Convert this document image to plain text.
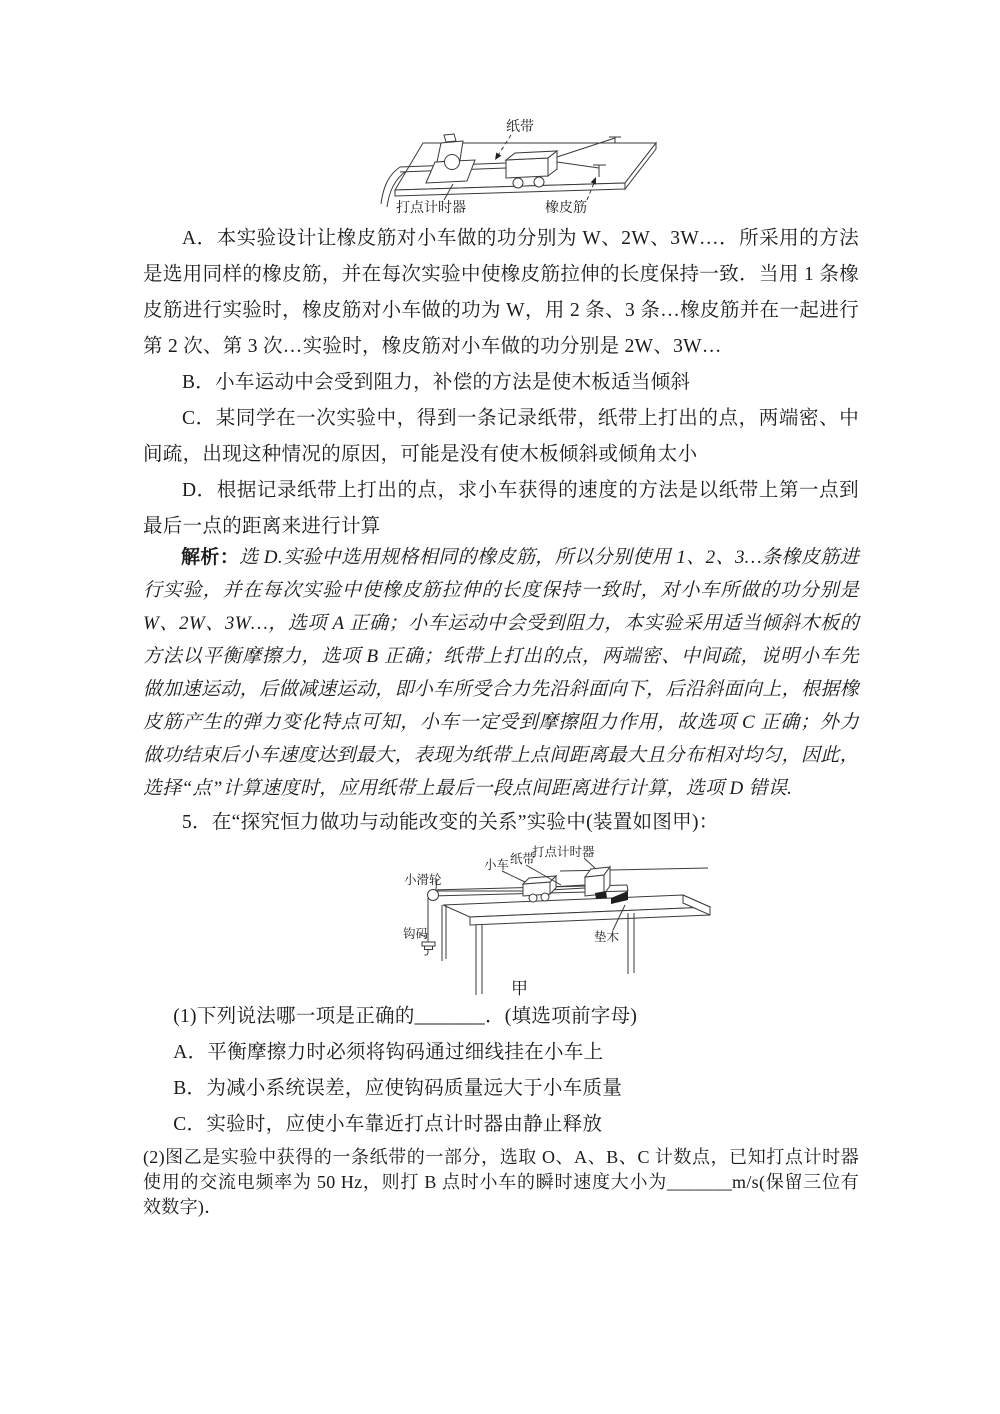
纸带
打点计时器	橡皮筋

A．本实验设计让橡皮筋对小车做的功分别为 W、2W、3W…．所采用的方法是选用同样的橡皮筋，并在每次实验中使橡皮筋拉伸的长度保持一致．当用 1 条橡皮筋进行实验时，橡皮筋对小车做的功为 W，用 2 条、3 条…橡皮筋并在一起进行第 2 次、第 3 次…实验时，橡皮筋对小车做的功分别是 2W、3W…

B．小车运动中会受到阻力，补偿的方法是使木板适当倾斜

C．某同学在一次实验中，得到一条记录纸带，纸带上打出的点，两端密、中间疏，出现这种情况的原因，可能是没有使木板倾斜或倾角太小

D．根据记录纸带上打出的点，求小车获得的速度的方法是以纸带上第一点到最后一点的距离来进行计算

解析：选 D.实验中选用规格相同的橡皮筋，所以分别使用 1、2、3…条橡皮筋进行实验，并在每次实验中使橡皮筋拉伸的长度保持一致时，对小车所做的功分别是 W、2W、3W…，选项 A 正确；小车运动中会受到阻力，本实验采用适当倾斜木板的方法以平衡摩擦力，选项 B 正确；纸带上打出的点，两端密、中间疏，说明小车先做加速运动，后做减速运动，即小车所受合力先沿斜面向下，后沿斜面向上，根据橡皮筋产生的弹力变化特点可知，小车一定受到摩擦阻力作用，故选项 C 正确；外力做功结束后小车速度达到最大，表现为纸带上点间距离最大且分布相对均匀，因此，选择“点”计算速度时，应用纸带上最后一段点间距离进行计算，选项 D 错误.

5．在“探究恒力做功与动能改变的关系”实验中(装置如图甲)：

小滑轮
小车 纸带
打点计时器
钩码	垫木
甲

(1)下列说法哪一项是正确的_______．(填选项前字母)

A．平衡摩擦力时必须将钩码通过细线挂在小车上

B．为减小系统误差，应使钩码质量远大于小车质量

C．实验时，应使小车靠近打点计时器由静止释放

(2)图乙是实验中获得的一条纸带的一部分，选取 O、A、B、C 计数点，已知打点计时器使用的交流电频率为 50 Hz，则打 B 点时小车的瞬时速度大小为_______m/s(保留三位有效数字)．
